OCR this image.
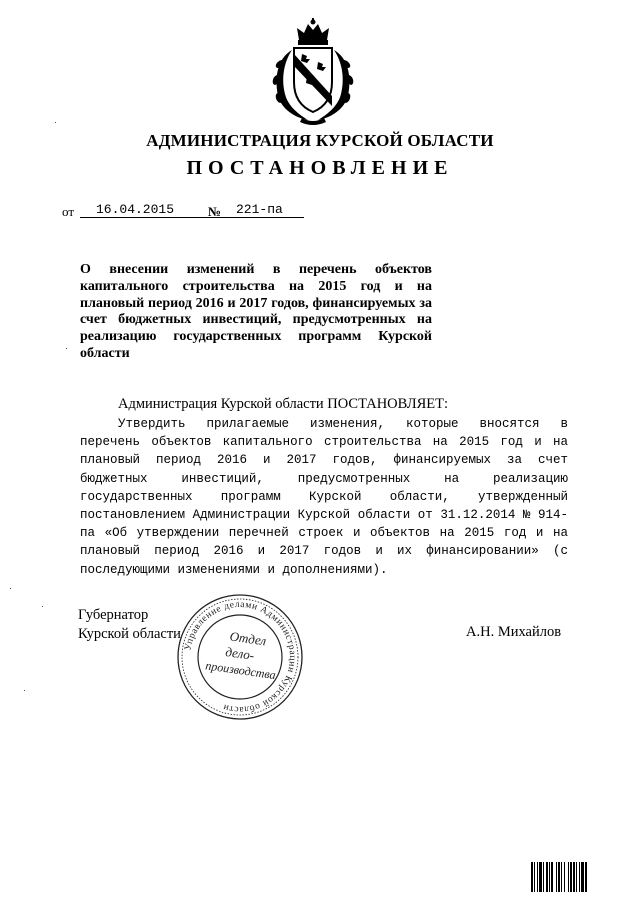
АДМИНИСТРАЦИЯ КУРСКОЙ ОБЛАСТИ
ПОСТАНОВЛЕНИЕ
от 16.04.2015	№ 221-па
О внесении изменений в перечень объектов капитального строительства на 2015 год и на плановый период 2016 и 2017 годов, финансируемых за счет бюджетных инвестиций, предусмотренных на реализацию государственных программ Курской области
Администрация Курской области ПОСТАНОВЛЯЕТ:
Утвердить прилагаемые изменения, которые вносятся в перечень объектов капитального строительства на 2015 год и на плановый период 2016 и 2017 годов, финансируемых за счет бюджетных инвестиций, предусмотренных на реализацию государственных программ Курской области, утвержденный постановлением Администрации Курской области от 31.12.2014 № 914-па «Об утверждении перечней строек и объектов на 2015 год и на плановый период 2016 и 2017 годов и их финансировании» (с последующими изменениями и дополнениями).
Губернатор
Курской области	А.Н. Михайлов
Управление делами Администрации Курской области
Отдел
дело-
производства
